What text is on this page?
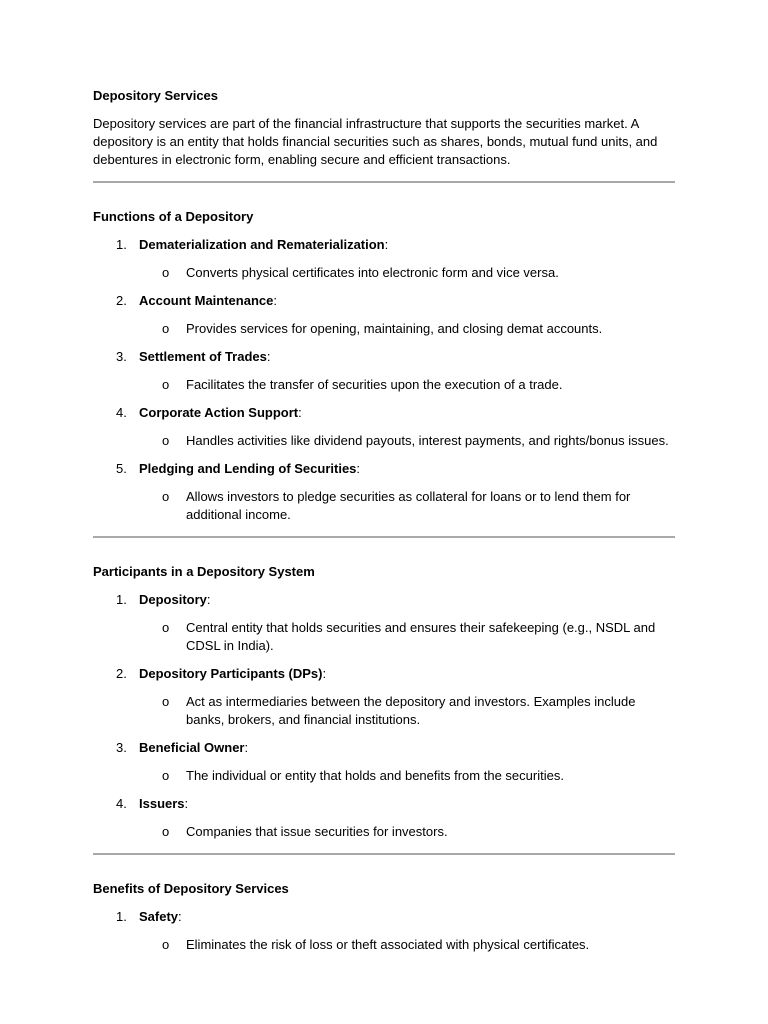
Depository Services

Depository services are part of the financial infrastructure that supports the securities market. A depository is an entity that holds financial securities such as shares, bonds, mutual fund units, and debentures in electronic form, enabling secure and efficient transactions.

Functions of a Depository

1. Dematerialization and Rematerialization:
o Converts physical certificates into electronic form and vice versa.
2. Account Maintenance:
o Provides services for opening, maintaining, and closing demat accounts.
3. Settlement of Trades:
o Facilitates the transfer of securities upon the execution of a trade.
4. Corporate Action Support:
o Handles activities like dividend payouts, interest payments, and rights/bonus issues.
5. Pledging and Lending of Securities:
o Allows investors to pledge securities as collateral for loans or to lend them for additional income.

Participants in a Depository System

1. Depository:
o Central entity that holds securities and ensures their safekeeping (e.g., NSDL and CDSL in India).
2. Depository Participants (DPs):
o Act as intermediaries between the depository and investors. Examples include banks, brokers, and financial institutions.
3. Beneficial Owner:
o The individual or entity that holds and benefits from the securities.
4. Issuers:
o Companies that issue securities for investors.

Benefits of Depository Services

1. Safety:
o Eliminates the risk of loss or theft associated with physical certificates.
